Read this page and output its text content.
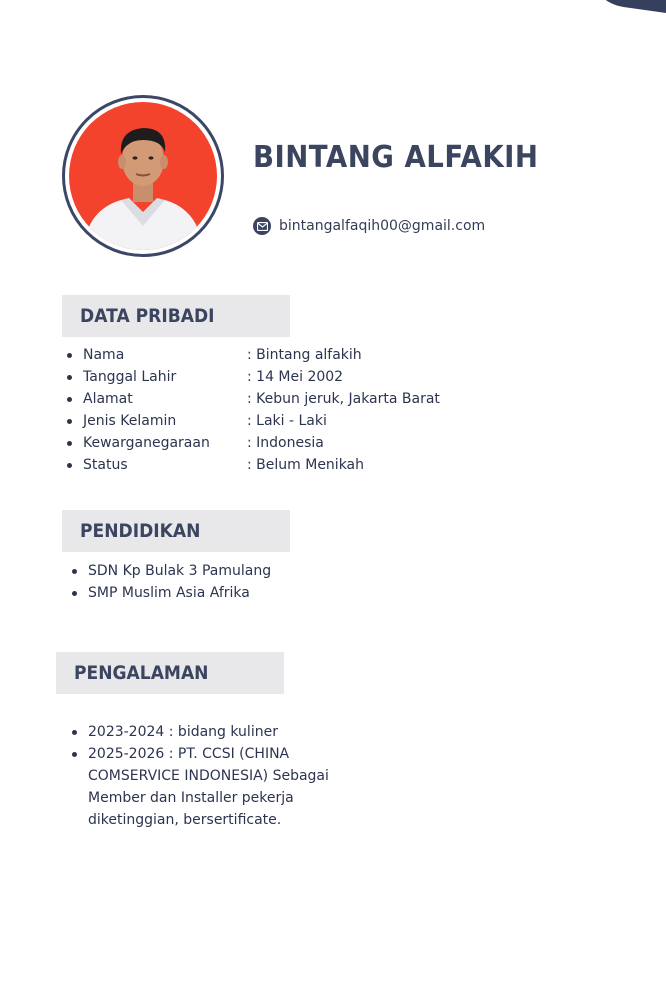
BINTANG ALFAKIH
bintangalfaqih00@gmail.com
DATA PRIBADI
Nama	: Bintang alfakih
Tanggal Lahir	: 14 Mei 2002
Alamat	: Kebun jeruk, Jakarta Barat
Jenis Kelamin	: Laki - Laki
Kewarganegaraan	: Indonesia
Status	: Belum Menikah
PENDIDIKAN
SDN Kp Bulak 3 Pamulang
SMP Muslim Asia Afrika
PENGALAMAN
2023-2024 : bidang kuliner
2025-2026 : PT. CCSI (CHINA COMSERVICE INDONESIA) Sebagai Member dan Installer pekerja diketinggian, bersertificate.
